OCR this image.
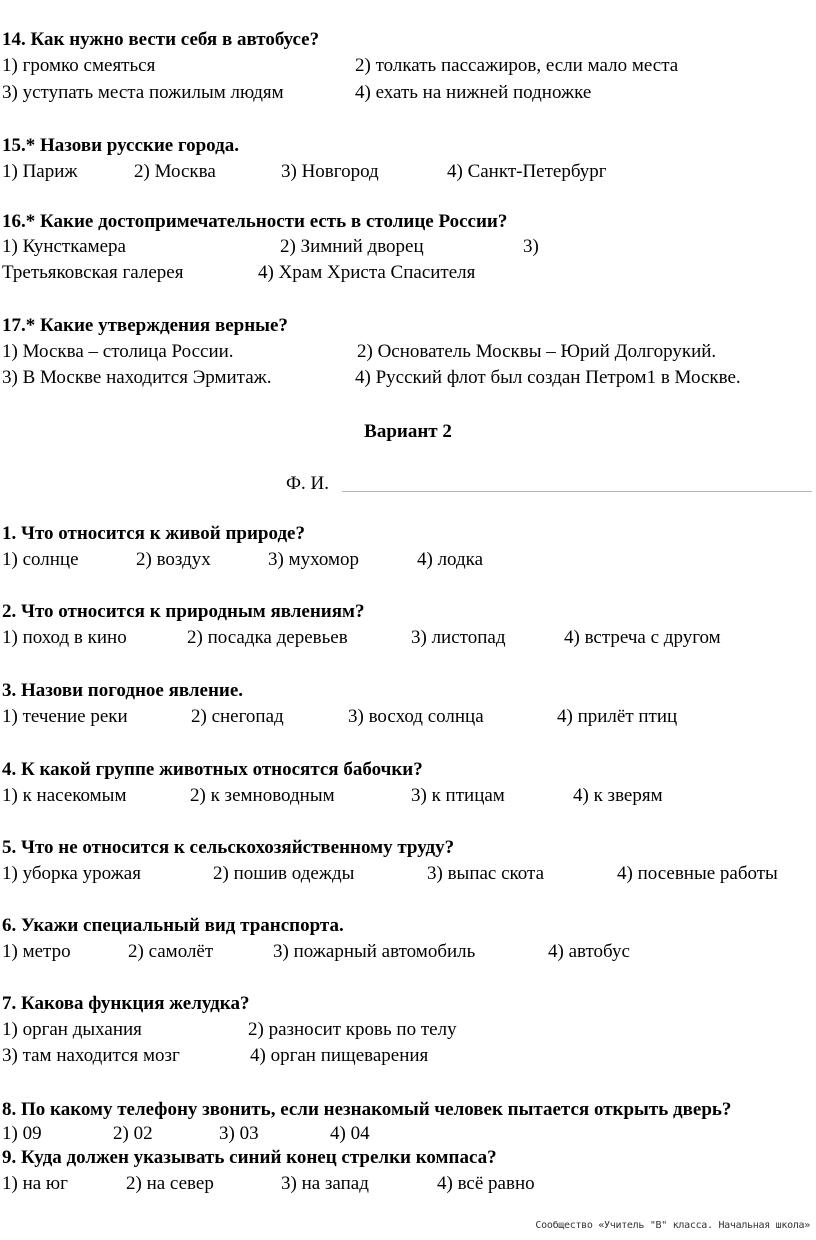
14. Как нужно вести себя в автобусе?
1) громко смеяться	2) толкать пассажиров, если мало места
3) уступать места пожилым людям	4) ехать на нижней подножке
15.* Назови русские города.
1) Париж	2) Москва	3) Новгород	4) Санкт-Петербург
16.* Какие достопримечательности есть в столице России?
1) Кунсткамера	2) Зимний дворец	3)
Третьяковская галерея	4) Храм Христа Спасителя
17.* Какие утверждения верные?
1) Москва – столица России.	2) Основатель Москвы – Юрий Долгорукий.
3) В Москве находится Эрмитаж.	4) Русский флот был создан Петром1 в Москве.
Вариант 2
Ф. И.
1. Что относится к живой природе?
1) солнце	2) воздух	3) мухомор	4) лодка
2. Что относится к природным явлениям?
1) поход в кино	2) посадка деревьев	3) листопад	4) встреча с другом
3. Назови погодное явление.
1) течение реки	2) снегопад	3) восход солнца	4) прилёт птиц
4. К какой группе животных относятся бабочки?
1) к насекомым	2) к земноводным	3) к птицам	4) к зверям
5. Что не относится к сельскохозяйственному труду?
1) уборка урожая	2) пошив одежды	3) выпас скота	4) посевные работы
6. Укажи специальный вид транспорта.
1) метро	2) самолёт	3) пожарный автомобиль	4) автобус
7. Какова функция желудка?
1) орган дыхания	2) разносит кровь по телу
3) там находится мозг	4) орган пищеварения
8. По какому телефону звонить, если незнакомый человек пытается открыть дверь?
1) 09	2) 02	3) 03	4) 04
9. Куда должен указывать синий конец стрелки компаса?
1) на юг	2) на север	3) на запад	4) всё равно
Сообщество «Учитель "В" класса. Начальная школа»
